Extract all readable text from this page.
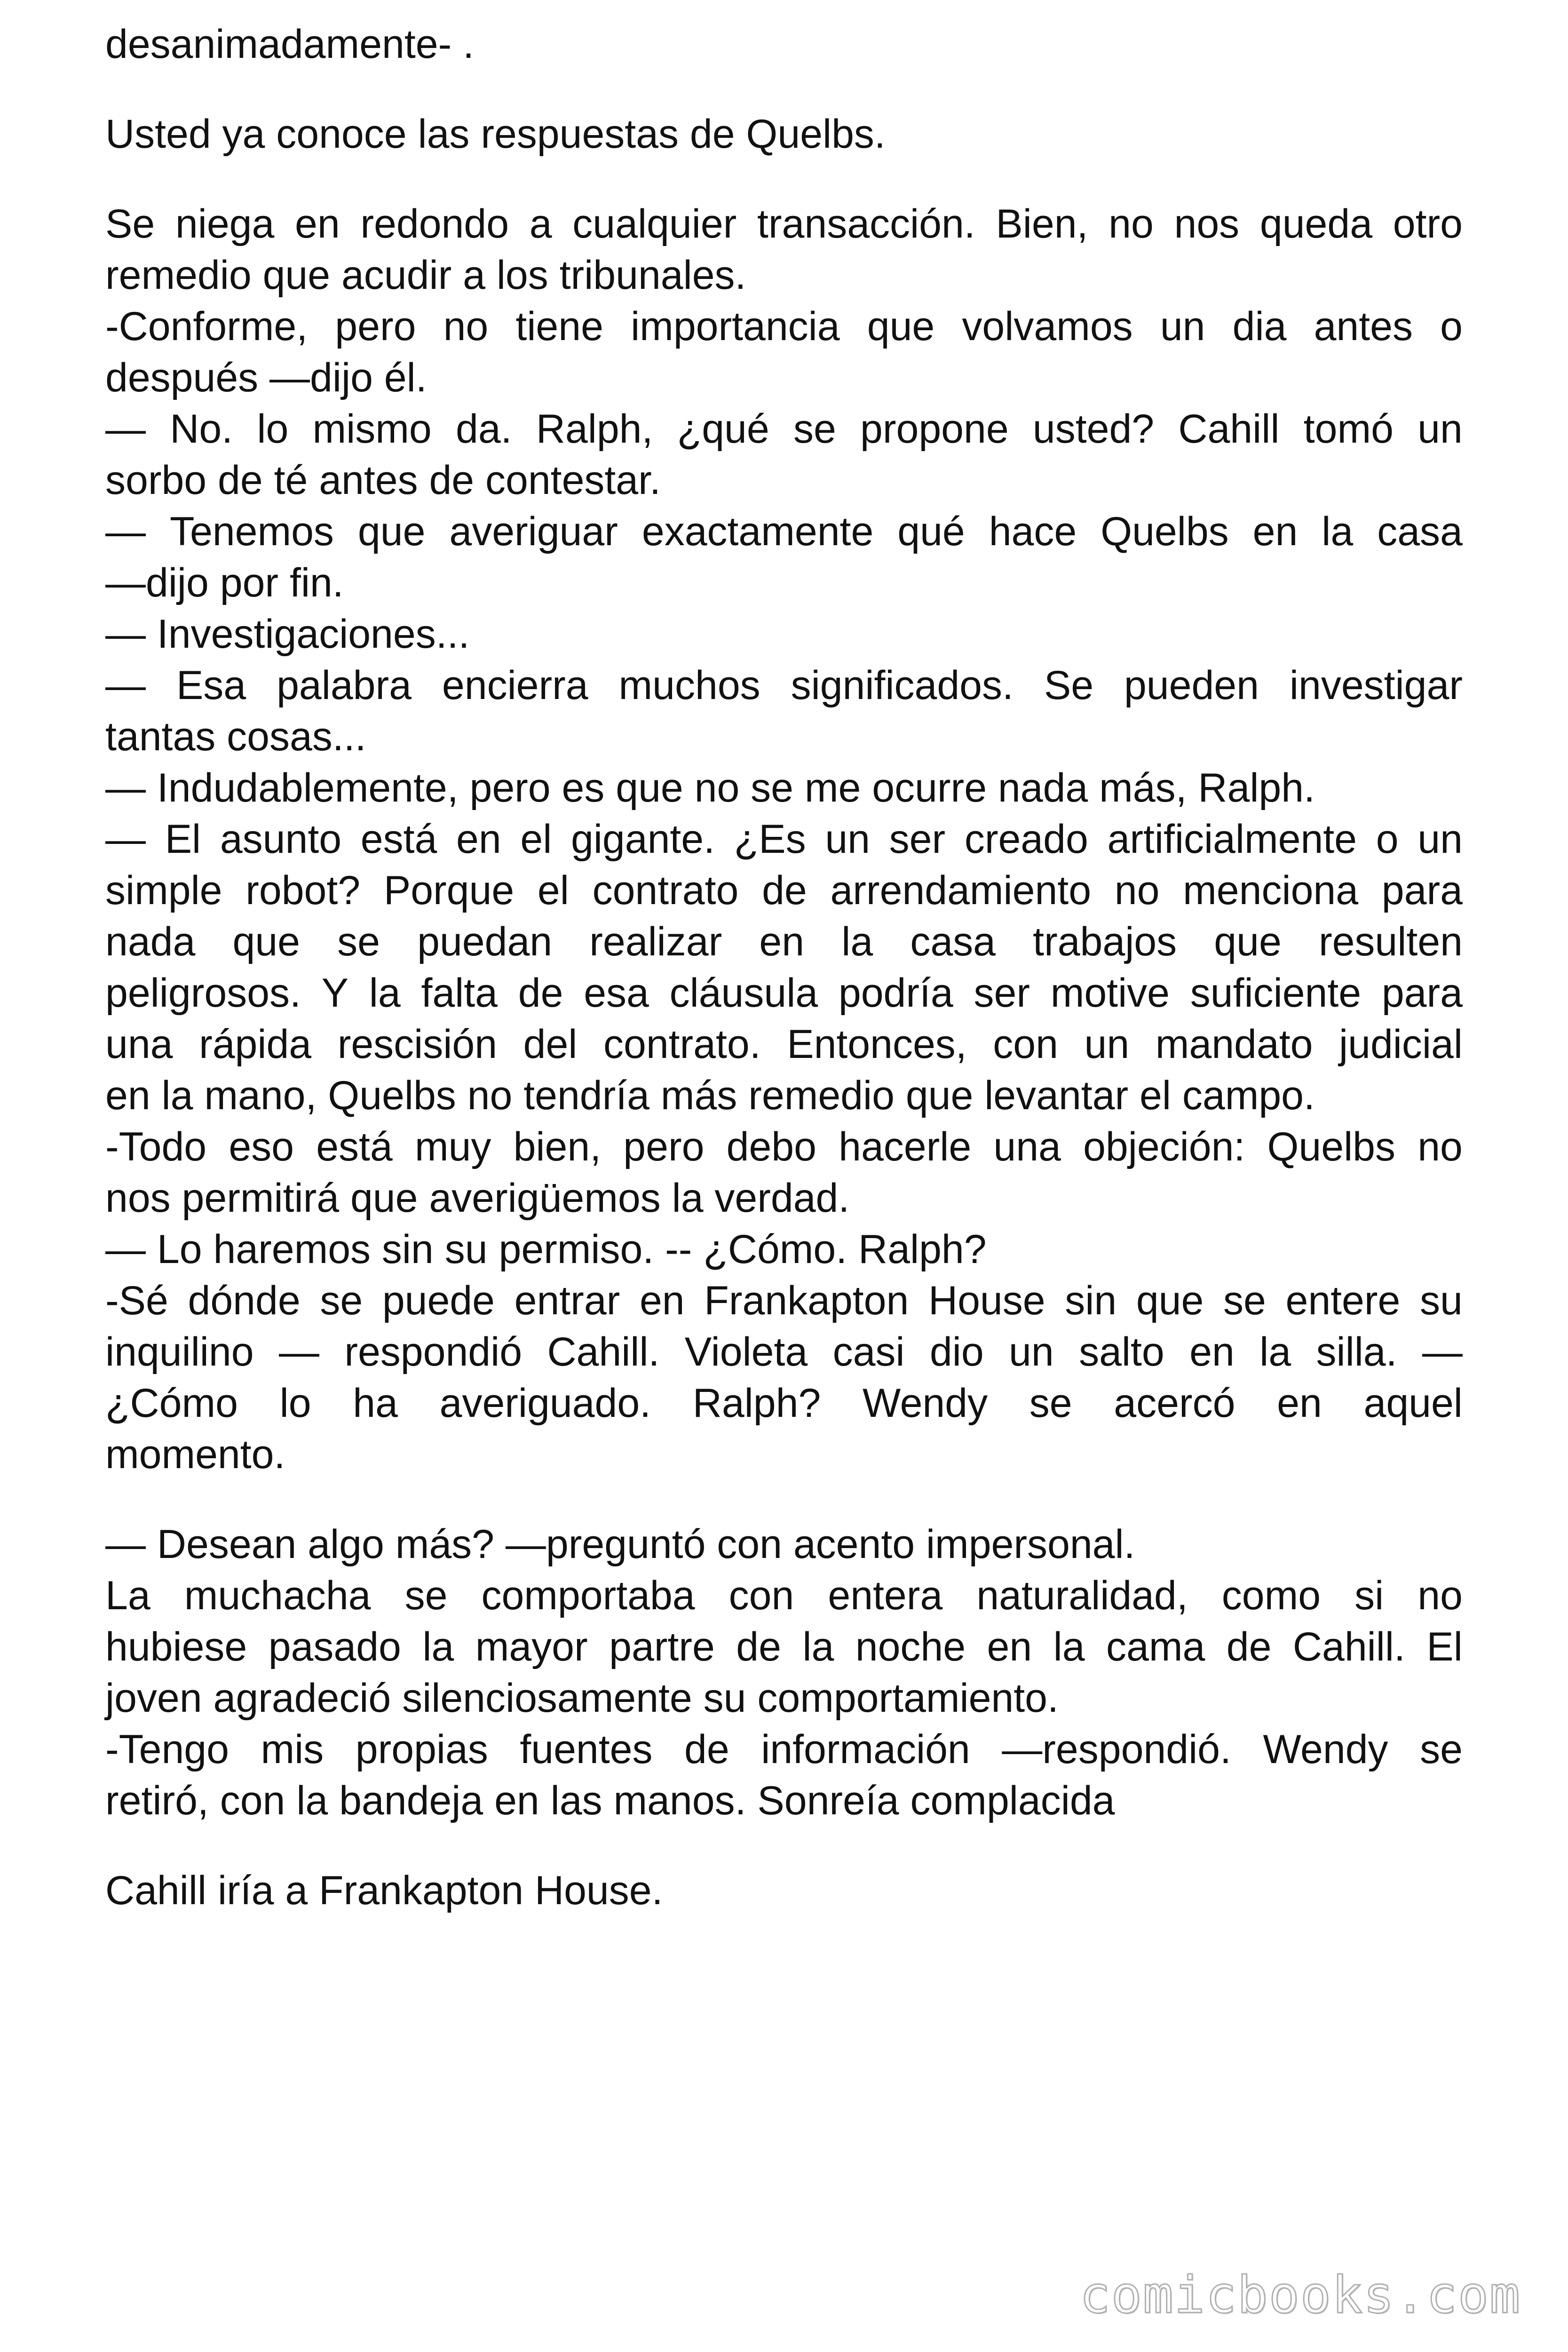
desanimadamente- .
Usted ya conoce las respuestas de Quelbs.
Se niega en redondo a cualquier transacción. Bien, no nos queda otro
remedio que acudir a los tribunales.
-Conforme, pero no tiene importancia que volvamos un dia antes o
después —dijo él.
— No. lo mismo da. Ralph, ¿qué se propone usted? Cahill tomó un
sorbo de té antes de contestar.
— Tenemos que averiguar exactamente qué hace Quelbs en la casa
—dijo por fin.
— Investigaciones...
— Esa palabra encierra muchos significados. Se pueden investigar
tantas cosas...
— Indudablemente, pero es que no se me ocurre nada más, Ralph.
— El asunto está en el gigante. ¿Es un ser creado artificialmente o un
simple robot? Porque el contrato de arrendamiento no menciona para
nada que se puedan realizar en la casa trabajos que resulten
peligrosos. Y la falta de esa cláusula podría ser motive suficiente para
una rápida rescisión del contrato. Entonces, con un mandato judicial
en la mano, Quelbs no tendría más remedio que levantar el campo.
-Todo eso está muy bien, pero debo hacerle una objeción: Quelbs no
nos permitirá que averigüemos la verdad.
— Lo haremos sin su permiso. -- ¿Cómo. Ralph?
-Sé dónde se puede entrar en Frankapton House sin que se entere su
inquilino — respondió Cahill. Violeta casi dio un salto en la silla. —
¿Cómo lo ha averiguado. Ralph? Wendy se acercó en aquel
momento.
— Desean algo más? —preguntó con acento impersonal.
La muchacha se comportaba con entera naturalidad, como si no
hubiese pasado la mayor partre de la noche en la cama de Cahill. El
joven agradeció silenciosamente su comportamiento.
-Tengo mis propias fuentes de información —respondió. Wendy se
retiró, con la bandeja en las manos. Sonreía complacida
Cahill iría a Frankapton House.
comicbooks.com
